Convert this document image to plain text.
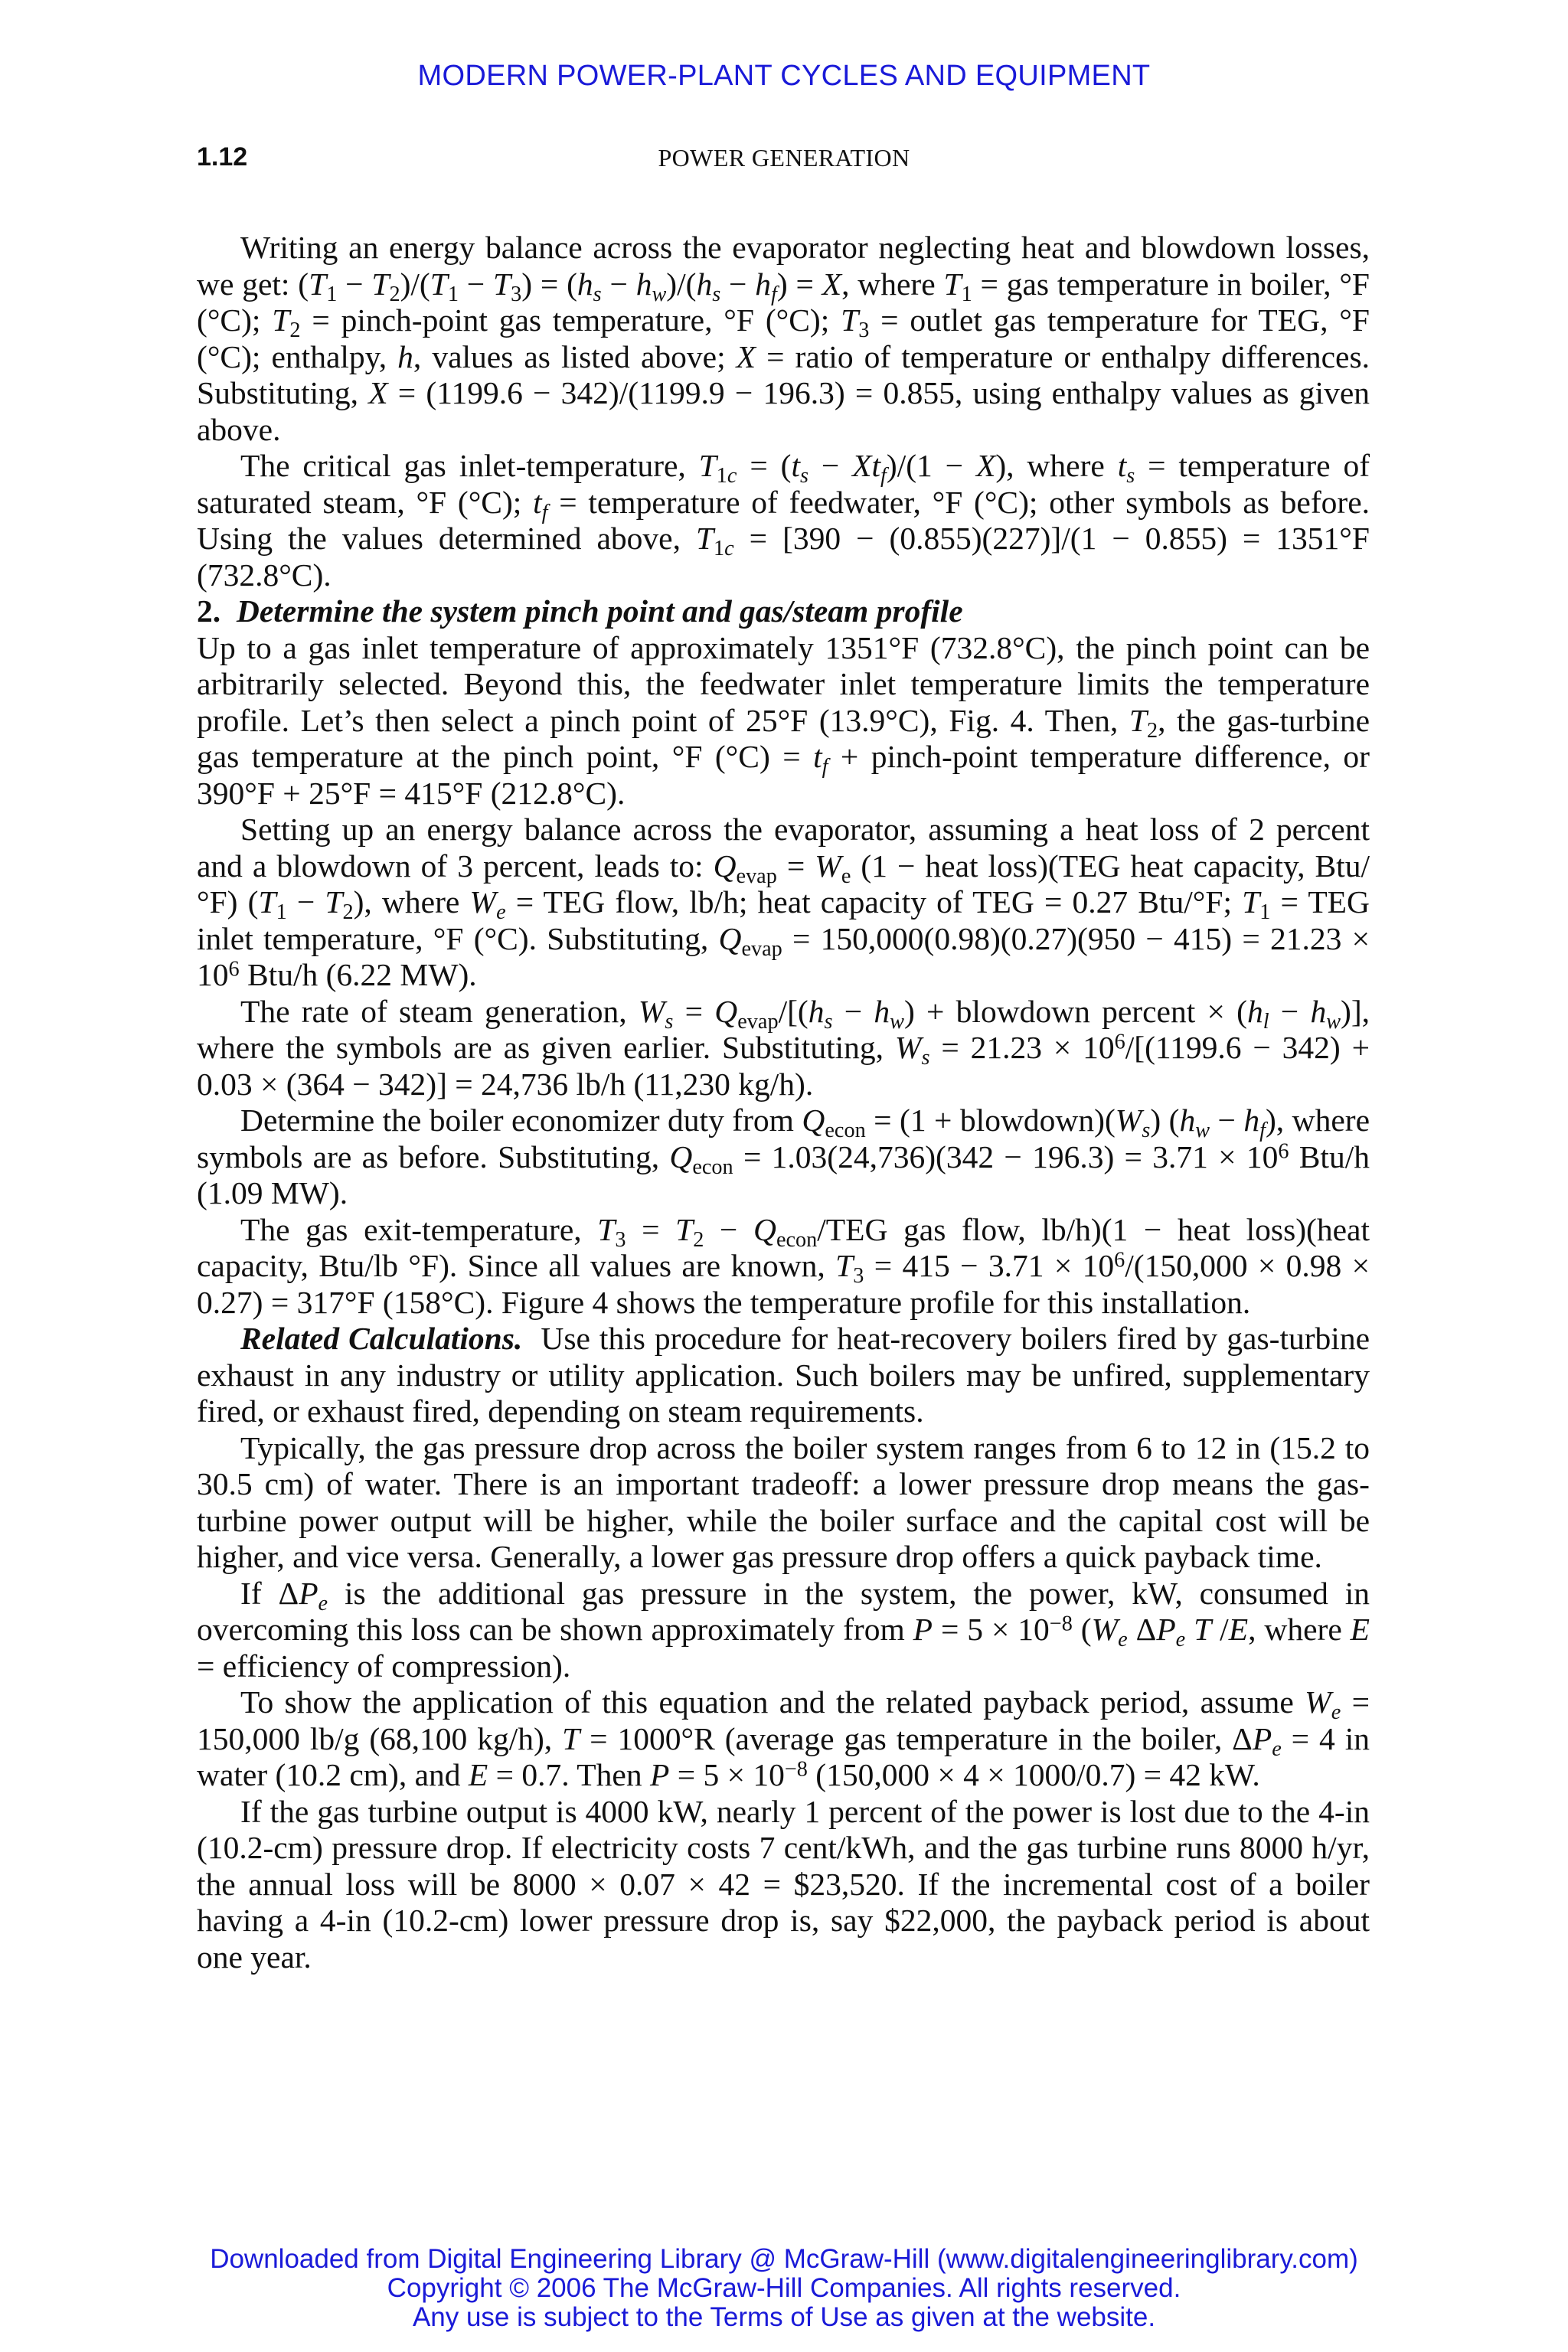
MODERN POWER-PLANT CYCLES AND EQUIPMENT
1.12	POWER GENERATION

Writing an energy balance across the evaporator neglecting heat and blowdown losses, we get: $(T_1 - T_2)/(T_1 - T_3) = (h_s - h_w)/(h_s - h_f) = X$, where $T_1$ = gas temperature in boiler, °F (°C); $T_2$ = pinch-point gas temperature, °F (°C); $T_3$ = outlet gas temperature for TEG, °F (°C); enthalpy, h, values as listed above; X = ratio of temperature or enthalpy differences. Substituting, X = (1199.6 − 342)/(1199.9 − 196.3) = 0.855, using enthalpy values as given above.

The critical gas inlet-temperature, $T_{1c} = (t_s - Xt_f)/(1 - X)$, where $t_s$ = temperature of saturated steam, °F (°C); $t_f$ = temperature of feedwater, °F (°C); other symbols as before. Using the values determined above, $T_{1c} = [390 - (0.855)(227)]/(1 - 0.855) = 1351^\circ F$ (732.8°C).

2. Determine the system pinch point and gas/steam profile

Up to a gas inlet temperature of approximately 1351°F (732.8°C), the pinch point can be arbitrarily selected. Beyond this, the feedwater inlet temperature limits the temperature profile. Let’s then select a pinch point of 25°F (13.9°C), Fig. 4. Then, $T_2$, the gas-turbine gas temperature at the pinch point, °F $(^\circ C) = t_f$ + pinch-point temperature difference, or 390°F + 25°F = 415°F (212.8°C).

Setting up an energy balance across the evaporator, assuming a heat loss of 2 percent and a blowdown of 3 percent, leads to: $Q_{evap} = W_e$ (1 − heat loss)(TEG heat capacity, Btu/°F) $(T_1 - T_2)$, where $W_e$ = TEG flow, lb/h; heat capacity of TEG = 0.27 Btu/°F; $T_1$ = TEG inlet temperature, °F (°C). Substituting, $Q_{evap} = 150,000(0.98)(0.27)(950 - 415) = 21.23 \times 10^6$ Btu/h (6.22 MW).

The rate of steam generation, $W_s = Q_{evap}/[(h_s - h_w)$ + blowdown percent × $(h_l - h_w)$], where the symbols are as given earlier. Substituting, $W_s = 21.23 \times 10^6/[(1199.6 - 342) + 0.03 \times (364 - 342)] = 24,736$ lb/h (11,230 kg/h).

Determine the boiler economizer duty from $Q_{econ} = (1$ + $blowdown)(W_s)$ $(h_w - h_f)$, where symbols are as before. Substituting, $Q_{econ} = 1.03(24,736)(342 - 196.3) = 3.71 \times 10^6$ Btu/h (1.09 MW).

The gas exit-temperature, $T_3 = T_2 - Q_{econ}/TEG$ gas flow, lb/h)(1 − heat loss)(heat capacity, Btu/lb °F). Since all values are known, $T_3 = 415 - 3.71 \times 10^6/(150,000 \times 0.98 \times 0.27) = 317^\circ F$ (158°C). Figure 4 shows the temperature profile for this installation.

Related Calculations. Use this procedure for heat-recovery boilers fired by gas-turbine exhaust in any industry or utility application. Such boilers may be unfired, supplementary fired, or exhaust fired, depending on steam requirements.

Typically, the gas pressure drop across the boiler system ranges from 6 to 12 in (15.2 to 30.5 cm) of water. There is an important tradeoff: a lower pressure drop means the gas-turbine power output will be higher, while the boiler surface and the capital cost will be higher, and vice versa. Generally, a lower gas pressure drop offers a quick payback time.

If $\Delta P_e$ is the additional gas pressure in the system, the power, kW, consumed in overcoming this loss can be shown approximately from $P = 5 \times 10^{-8}$ ($W_e$ $\Delta P_e$ T /E, where E = efficiency of compression).

To show the application of this equation and the related payback period, assume $W_e = 150,000$ lb/g (68,100 kg/h), T = 1000°R (average gas temperature in the boiler, $\Delta P_e = 4$ in water (10.2 cm), and E = 0.7. Then $P = 5 \times 10^{-8}$ (150,000 × 4 × 1000/0.7) = 42 kW.

If the gas turbine output is 4000 kW, nearly 1 percent of the power is lost due to the 4-in (10.2-cm) pressure drop. If electricity costs 7 cent/kWh, and the gas turbine runs 8000 h/yr, the annual loss will be 8000 × 0.07 × 42 = $23,520. If the incremental cost of a boiler having a 4-in (10.2-cm) lower pressure drop is, say $22,000, the payback period is about one year.

Downloaded from Digital Engineering Library @ McGraw-Hill (www.digitalengineeringlibrary.com)
Copyright © 2006 The McGraw-Hill Companies. All rights reserved.
Any use is subject to the Terms of Use as given at the website.
